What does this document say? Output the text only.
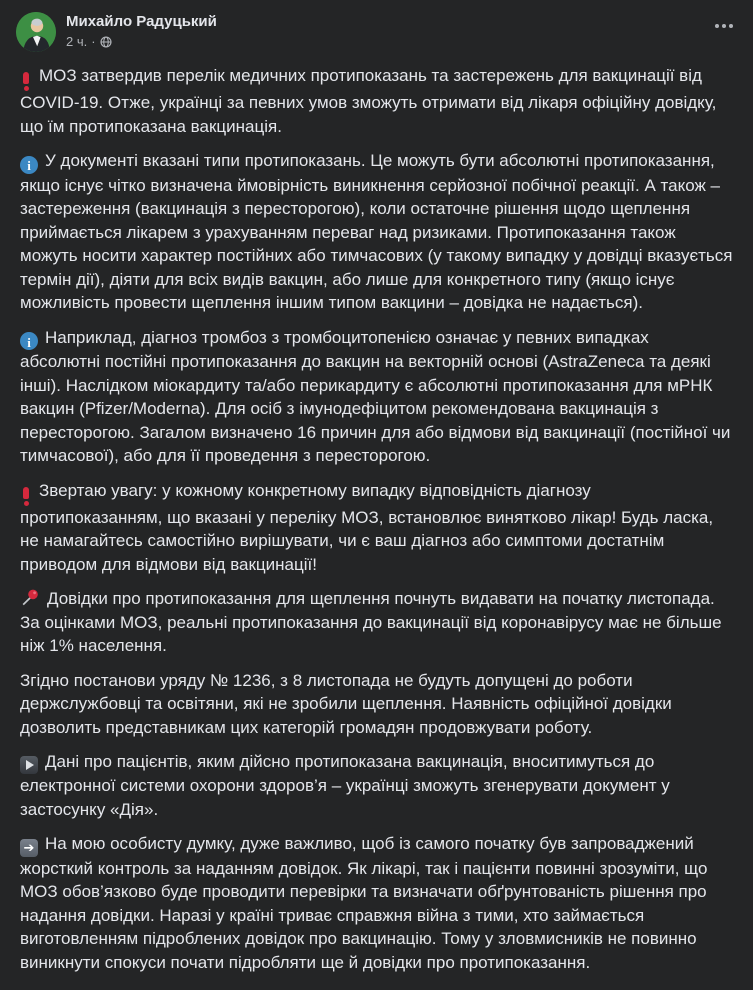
Михайло Радуцький
2 ч. ·

МОЗ затвердив перелік медичних протипоказань та застережень для вакцинації від COVID-19. Отже, українці за певних умов зможуть отримати від лікаря офіційну довідку, що їм протипоказана вакцинація.

i У документі вказані типи протипоказань. Це можуть бути абсолютні протипоказання, якщо існує чітко визначена ймовірність виникнення серйозної побічної реакції. А також – застереження (вакцинація з пересторогою), коли остаточне рішення щодо щеплення приймається лікарем з урахуванням переваг над ризиками. Протипоказання також можуть носити характер постійних або тимчасових (у такому випадку у довідці вказується термін дії), діяти для всіх видів вакцин, або лише для конкретного типу (якщо існує можливість провести щеплення іншим типом вакцини – довідка не надається).

i Наприклад, діагноз тромбоз з тромбоцитопенією означає у певних випадках абсолютні постійні протипоказання до вакцин на векторній основі (AstraZeneca та деякі інші). Наслідком міокардиту та/або перикардиту є абсолютні протипоказання для мРНК вакцин (Pfizer/Moderna). Для осіб з імунодефіцитом рекомендована вакцинація з пересторогою. Загалом визначено 16 причин для або відмови від вакцинації (постійної чи тимчасової), або для її проведення з пересторогою.

Звертаю увагу: у кожному конкретному випадку відповідність діагнозу протипоказанням, що вказані у переліку МОЗ, встановлює винятково лікар! Будь ласка, не намагайтесь самостійно вирішувати, чи є ваш діагноз або симптоми достатнім приводом для відмови від вакцинації!

Довідки про протипоказання для щеплення почнуть видавати на початку листопада. За оцінками МОЗ, реальні протипоказання до вакцинації від коронавірусу має не більше ніж 1% населення.

Згідно постанови уряду № 1236, з 8 листопада не будуть допущені до роботи держслужбовці та освітяни, які не зробили щеплення. Наявність офіційної довідки дозволить представникам цих категорій громадян продовжувати роботу.

Дані про пацієнтів, яким дійсно протипоказана вакцинація, вноситимуться до електронної системи охорони здоров’я – українці зможуть згенерувати документ у застосунку «Дія».

➔ На мою особисту думку, дуже важливо, щоб із самого початку був запроваджений жорсткий контроль за наданням довідок. Як лікарі, так і пацієнти повинні зрозуміти, що МОЗ обов’язково буде проводити перевірки та визначати обґрунтованість рішення про надання довідки. Наразі у країні триває справжня війна з тими, хто займається виготовленням підроблених довідок про вакцинацію. Тому у зловмисників не повинно виникнути спокуси почати підробляти ще й довідки про протипоказання.
